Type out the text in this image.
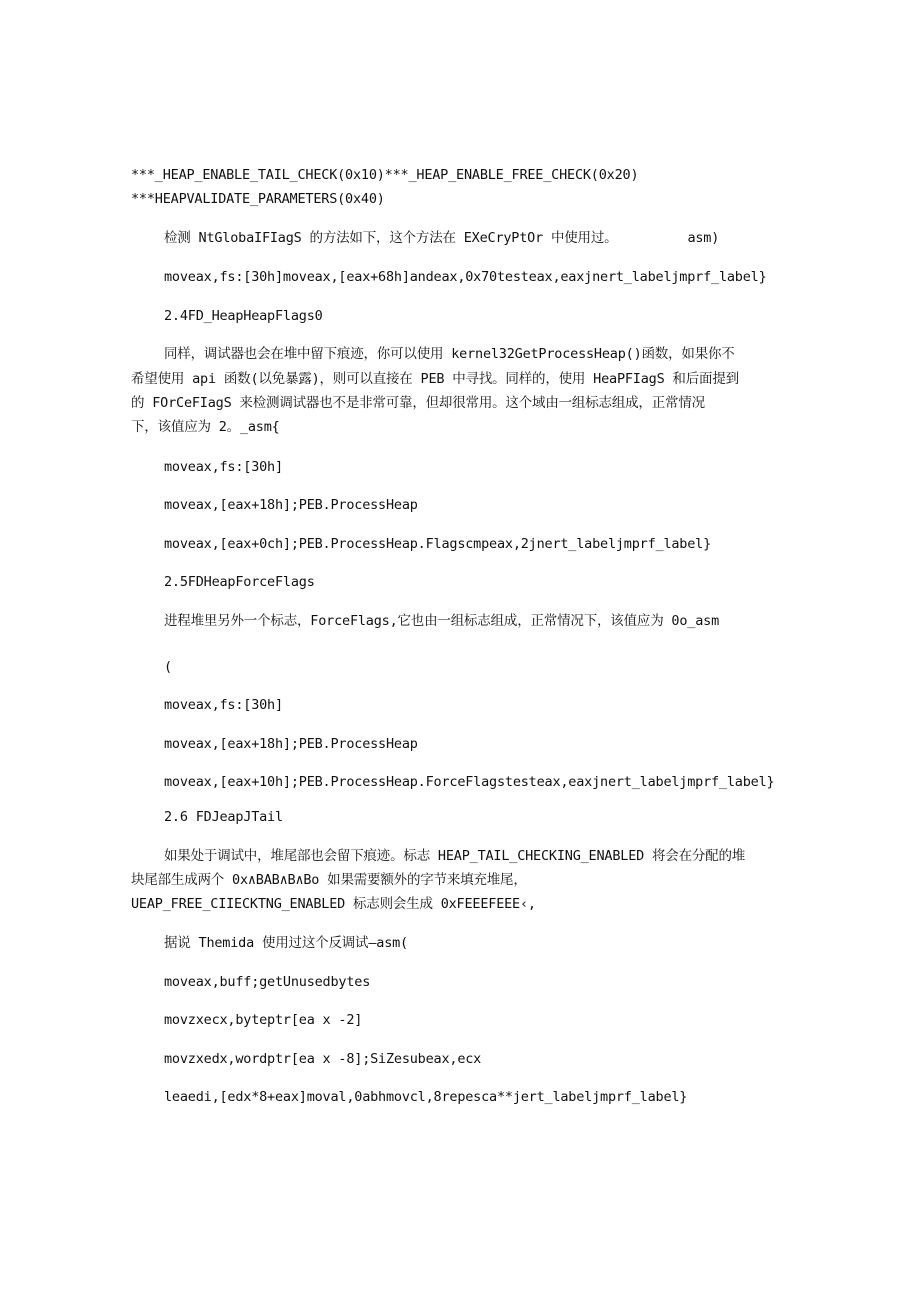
***_HEAP_ENABLE_TAIL_CHECK(0x10)***_HEAP_ENABLE_FREE_CHECK(0x20)
***HEAPVALIDATE_PARAMETERS(0x40)
检测 NtGlobaIFIagS 的方法如下，这个方法在 EXeCryPtOr 中使用过。	asm)
moveax,fs:[30h]moveax,[eax+68h]andeax,0x70testeax,eaxjnert_labeljmprf_label}
2.4FD_HeapHeapFlags0
同样，调试器也会在堆中留下痕迹，你可以使用 kernel32GetProcessHeap()函数，如果你不
希望使用 api 函数(以免暴露)，则可以直接在 PEB 中寻找。同样的，使用 HeaPFIagS 和后面提到
的 FOrCeFIagS 来检测调试器也不是非常可靠，但却很常用。这个域由一组标志组成，正常情况
下，该值应为 2。_asm{
moveax,fs:[30h]
moveax,[eax+18h];PEB.ProcessHeap
moveax,[eax+0ch];PEB.ProcessHeap.Flagscmpeax,2jnert_labeljmprf_label}
2.5FDHeapForceFlags
进程堆里另外一个标志，ForceFlags,它也由一组标志组成，正常情况下，该值应为 0o_asm
(
moveax,fs:[30h]
moveax,[eax+18h];PEB.ProcessHeap
moveax,[eax+10h];PEB.ProcessHeap.ForceFlagstesteax,eaxjnert_labeljmprf_label}
2.6 FDJeapJTail
如果处于调试中，堆尾部也会留下痕迹。标志 HEAP_TAIL_CHECKING_ENABLED 将会在分配的堆
块尾部生成两个 0x∧BAB∧B∧Bo 如果需要额外的字节来填充堆尾，
UEAP_FREE_CIIECKTNG_ENABLED 标志则会生成 0xFEEEFEEE‹,
据说 Themida 使用过这个反调试—asm(
moveax,buff;getUnusedbytes
movzxecx,byteptr[ea x -2]
movzxedx,wordptr[ea x -8];SiZesubeax,ecx
leaedi,[edx*8+eax]moval,0abhmovcl,8repesca**jert_labeljmprf_label}
